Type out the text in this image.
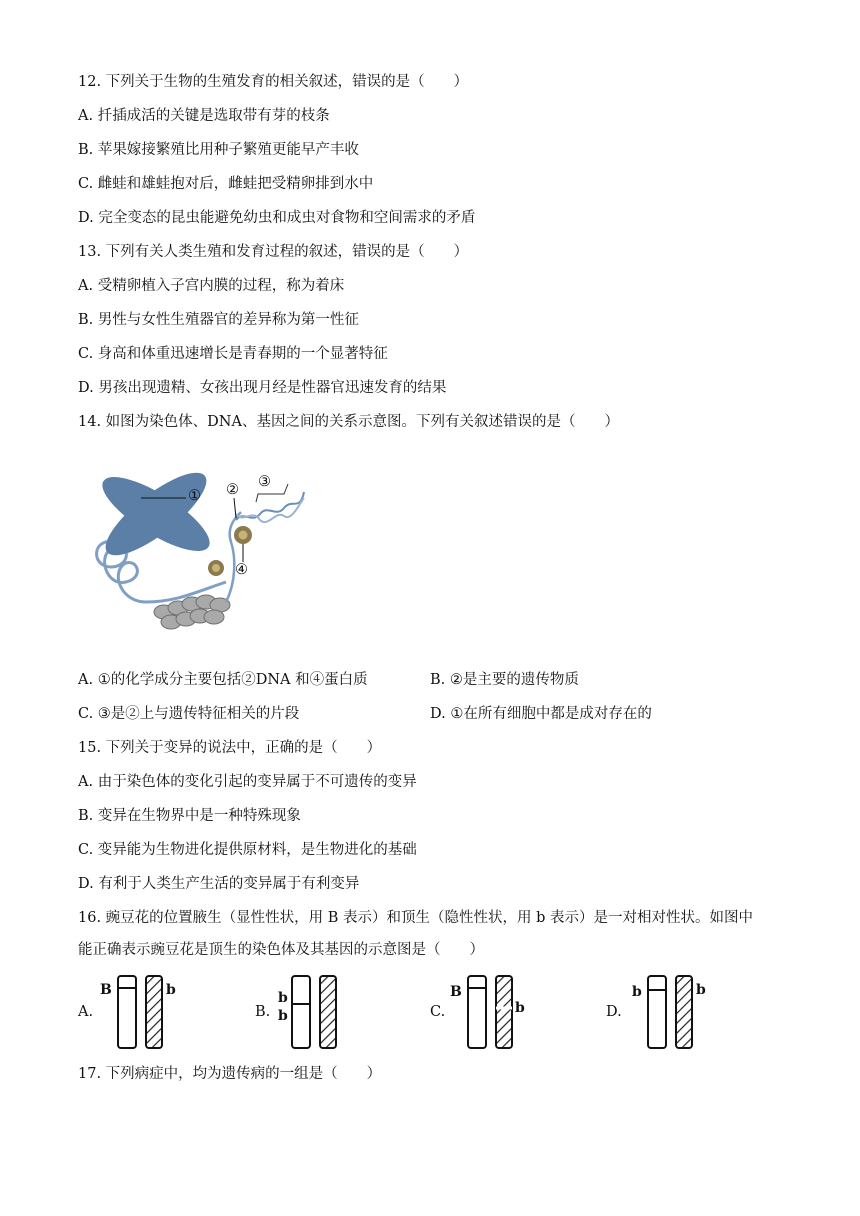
12. 下列关于生物的生殖发育的相关叙述，错误的是（　　）
A. 扦插成活的关键是选取带有芽的枝条
B. 苹果嫁接繁殖比用种子繁殖更能早产丰收
C. 雌蛙和雄蛙抱对后，雌蛙把受精卵排到水中
D. 完全变态的昆虫能避免幼虫和成虫对食物和空间需求的矛盾
13. 下列有关人类生殖和发育过程的叙述，错误的是（　　）
A. 受精卵植入子宫内膜的过程，称为着床
B. 男性与女性生殖器官的差异称为第一性征
C. 身高和体重迅速增长是青春期的一个显著特征
D. 男孩出现遗精、女孩出现月经是性器官迅速发育的结果
14. 如图为染色体、DNA、基因之间的关系示意图。下列有关叙述错误的是（　　）
① ② ③
④
A. ①的化学成分主要包括②DNA 和④蛋白质	B. ②是主要的遗传物质
C. ③是②上与遗传特征相关的片段	D. ①在所有细胞中都是成对存在的
15. 下列关于变异的说法中，正确的是（　　）
A. 由于染色体的变化引起的变异属于不可遗传的变异
B. 变异在生物界中是一种特殊现象
C. 变异能为生物进化提供原材料，是生物进化的基础
D. 有利于人类生产生活的变异属于有利变异
16. 豌豆花的位置腋生（显性性状，用 B 表示）和顶生（隐性性状，用 b 表示）是一对相对性状。如图中
能正确表示豌豆花是顶生的染色体及其基因的示意图是（　　）
A.
B	b
B.
b
b	C.
B
b	D.
b	b
17. 下列病症中，均为遗传病的一组是（　　）
